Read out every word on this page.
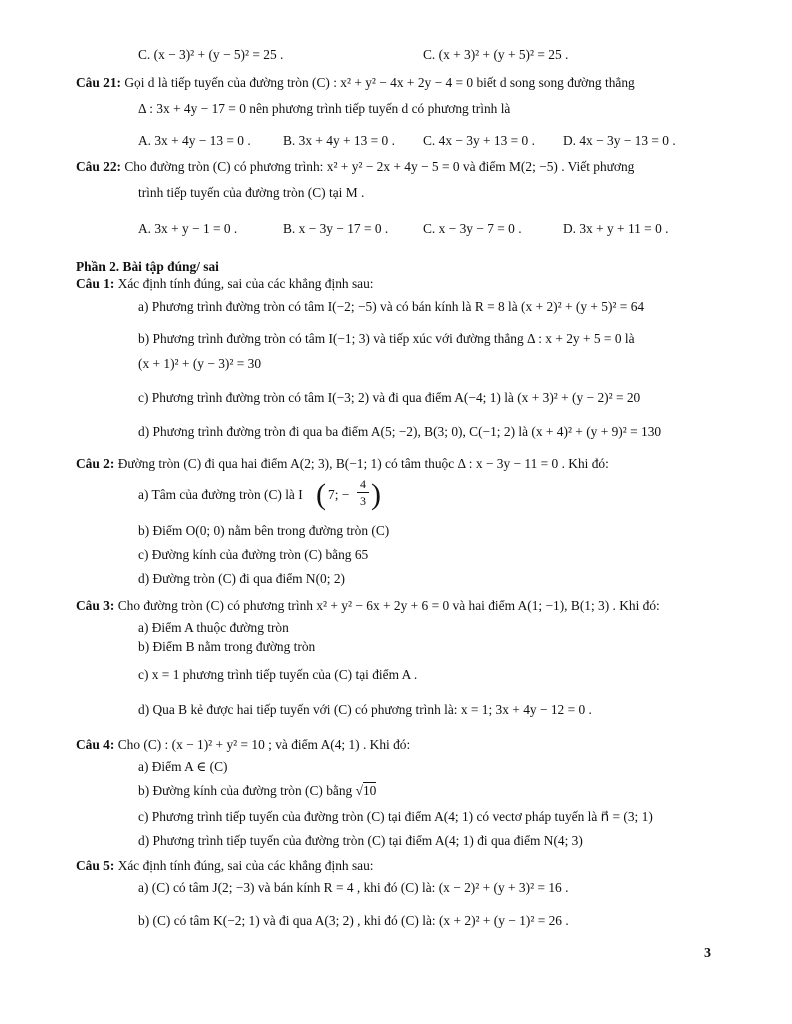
C. (x − 3)² + (y − 5)² = 25 .	C. (x + 3)² + (y + 5)² = 25 .
Câu 21: Gọi d là tiếp tuyến của đường tròn (C) : x² + y² − 4x + 2y − 4 = 0 biết d song song đường thẳng
Δ : 3x + 4y − 17 = 0 nên phương trình tiếp tuyến d có phương trình là
A. 3x + 4y − 13 = 0 . B. 3x + 4y + 13 = 0 . C. 4x − 3y + 13 = 0 . D. 4x − 3y − 13 = 0 .
Câu 22: Cho đường tròn (C) có phương trình: x² + y² − 2x + 4y − 5 = 0 và điểm M(2; −5) . Viết phương
trình tiếp tuyến của đường tròn (C) tại M .
A. 3x + y − 1 = 0 .	B. x − 3y − 17 = 0 .	C. x − 3y − 7 = 0 .	D. 3x + y + 11 = 0 .
Phần 2. Bài tập đúng/ sai
Câu 1: Xác định tính đúng, sai của các khẳng định sau:
a) Phương trình đường tròn có tâm I(−2; −5) và có bán kính là R = 8 là (x + 2)² + (y + 5)² = 64
b) Phương trình đường tròn có tâm I(−1; 3) và tiếp xúc với đường thẳng Δ : x + 2y + 5 = 0 là
(x + 1)² + (y − 3)² = 30
c) Phương trình đường tròn có tâm I(−3; 2) và đi qua điểm A(−4; 1) là (x + 3)² + (y − 2)² = 20
d) Phương trình đường tròn đi qua ba điểm A(5; −2), B(3; 0), C(−1; 2) là (x + 4)² + (y + 9)² = 130
Câu 2: Đường tròn (C) đi qua hai điểm A(2; 3), B(−1; 1) có tâm thuộc Δ : x − 3y − 11 = 0 . Khi đó:
a) Tâm của đường tròn (C) là I ( 7; −
4
3 )
b) Điểm O(0; 0) nằm bên trong đường tròn (C)
c) Đường kính của đường tròn (C) bằng 65
d) Đường tròn (C) đi qua điểm N(0; 2)
Câu 3: Cho đường tròn (C) có phương trình x² + y² − 6x + 2y + 6 = 0 và hai điểm A(1; −1), B(1; 3) . Khi đó:
a) Điểm A thuộc đường tròn
b) Điểm B nằm trong đường tròn
c) x = 1 phương trình tiếp tuyến của (C) tại điểm A .
d) Qua B kẻ được hai tiếp tuyến với (C) có phương trình là: x = 1; 3x + 4y − 12 = 0 .
Câu 4: Cho (C) : (x − 1)² + y² = 10 ; và điểm A(4; 1) . Khi đó:
a) Điểm A ∈ (C)
b) Đường kính của đường tròn (C) bằng √10
c) Phương trình tiếp tuyến của đường tròn (C) tại điểm A(4; 1) có vectơ pháp tuyến là n⃗ = (3; 1)
d) Phương trình tiếp tuyến của đường tròn (C) tại điểm A(4; 1) đi qua điểm N(4; 3)
Câu 5: Xác định tính đúng, sai của các khẳng định sau:
a) (C) có tâm J(2; −3) và bán kính R = 4 , khi đó (C) là: (x − 2)² + (y + 3)² = 16 .
b) (C) có tâm K(−2; 1) và đi qua A(3; 2) , khi đó (C) là: (x + 2)² + (y − 1)² = 26 .
3
